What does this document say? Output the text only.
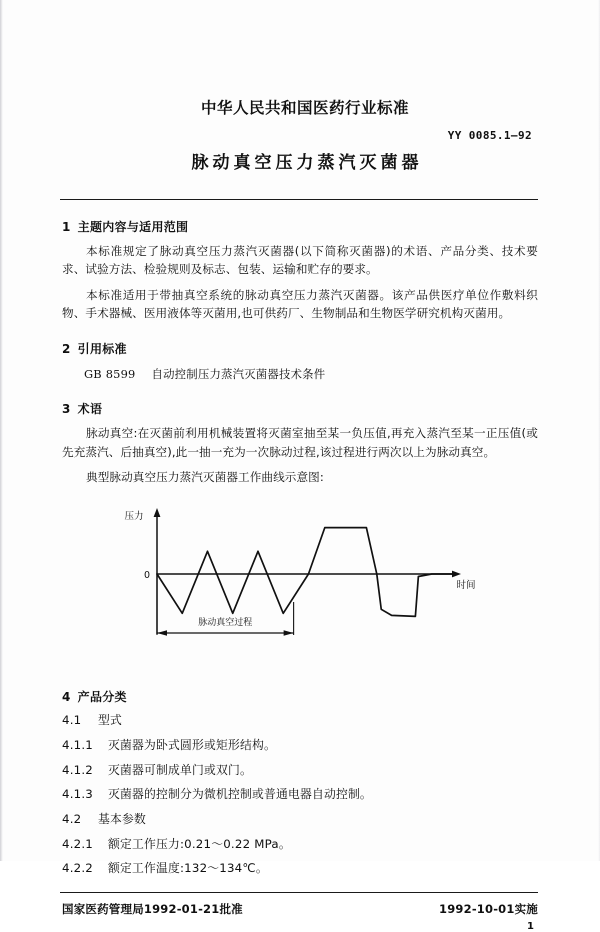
中华人民共和国医药行业标准
YY 0085.1—92
脉动真空压力蒸汽灭菌器
1 主题内容与适用范围

本标准规定了脉动真空压力蒸汽灭菌器(以下简称灭菌器)的术语、产品分类、技术要求、试验方法、检验规则及标志、包装、运输和贮存的要求。

本标准适用于带抽真空系统的脉动真空压力蒸汽灭菌器。该产品供医疗单位作敷料织物、手术器械、医用液体等灭菌用,也可供药厂、生物制品和生物医学研究机构灭菌用。

2 引用标准
GB 8599 自动控制压力蒸汽灭菌器技术条件
3 术语

脉动真空:在灭菌前利用机械装置将灭菌室抽至某一负压值,再充入蒸汽至某一正压值(或先充蒸汽、后抽真空),此一抽一充为一次脉动过程,该过程进行两次以上为脉动真空。

典型脉动真空压力蒸汽灭菌器工作曲线示意图:

压力
时间
0
脉动真空过程
4 产品分类
4.1 型式
4.1.1 灭菌器为卧式圆形或矩形结构。
4.1.2 灭菌器可制成单门或双门。
4.1.3 灭菌器的控制分为微机控制或普通电器自动控制。
4.2 基本参数
4.2.1 额定工作压力:0.21～0.22 MPa。
4.2.2 额定工作温度:132～134℃。
国家医药管理局1992-01-21批准	1992-10-01实施
1
